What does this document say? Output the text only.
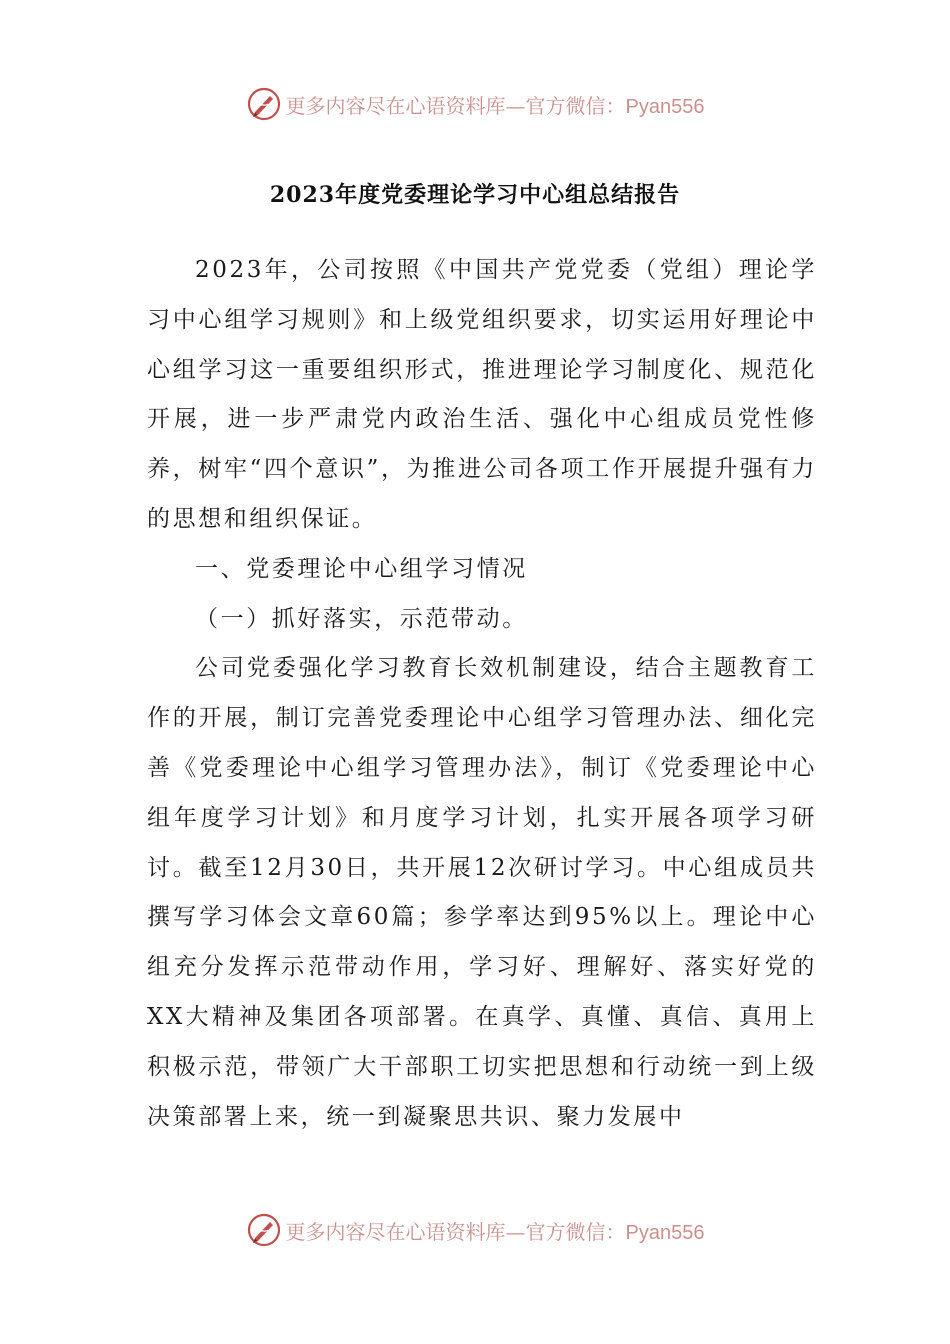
更多内容尽在心语资料库—官方微信：Pyan556
2023年度党委理论学习中心组总结报告

2023年，公司按照《中国共产党党委（党组）理论学习中心组学习规则》和上级党组织要求，切实运用好理论中心组学习这一重要组织形式，推进理论学习制度化、规范化开展，进一步严肃党内政治生活、强化中心组成员党性修养，树牢“四个意识”，为推进公司各项工作开展提升强有力的思想和组织保证。

一、党委理论中心组学习情况

（一）抓好落实，示范带动。

公司党委强化学习教育长效机制建设，结合主题教育工作的开展，制订完善党委理论中心组学习管理办法、细化完善《党委理论中心组学习管理办法》，制订《党委理论中心组年度学习计划》和月度学习计划，扎实开展各项学习研讨。截至12月30日，共开展12次研讨学习。中心组成员共撰写学习体会文章60篇；参学率达到95%以上。理论中心组充分发挥示范带动作用，学习好、理解好、落实好党的XX大精神及集团各项部署。在真学、真懂、真信、真用上积极示范，带领广大干部职工切实把思想和行动统一到上级决策部署上来，统一到凝聚思共识、聚力发展中

更多内容尽在心语资料库—官方微信：Pyan556
